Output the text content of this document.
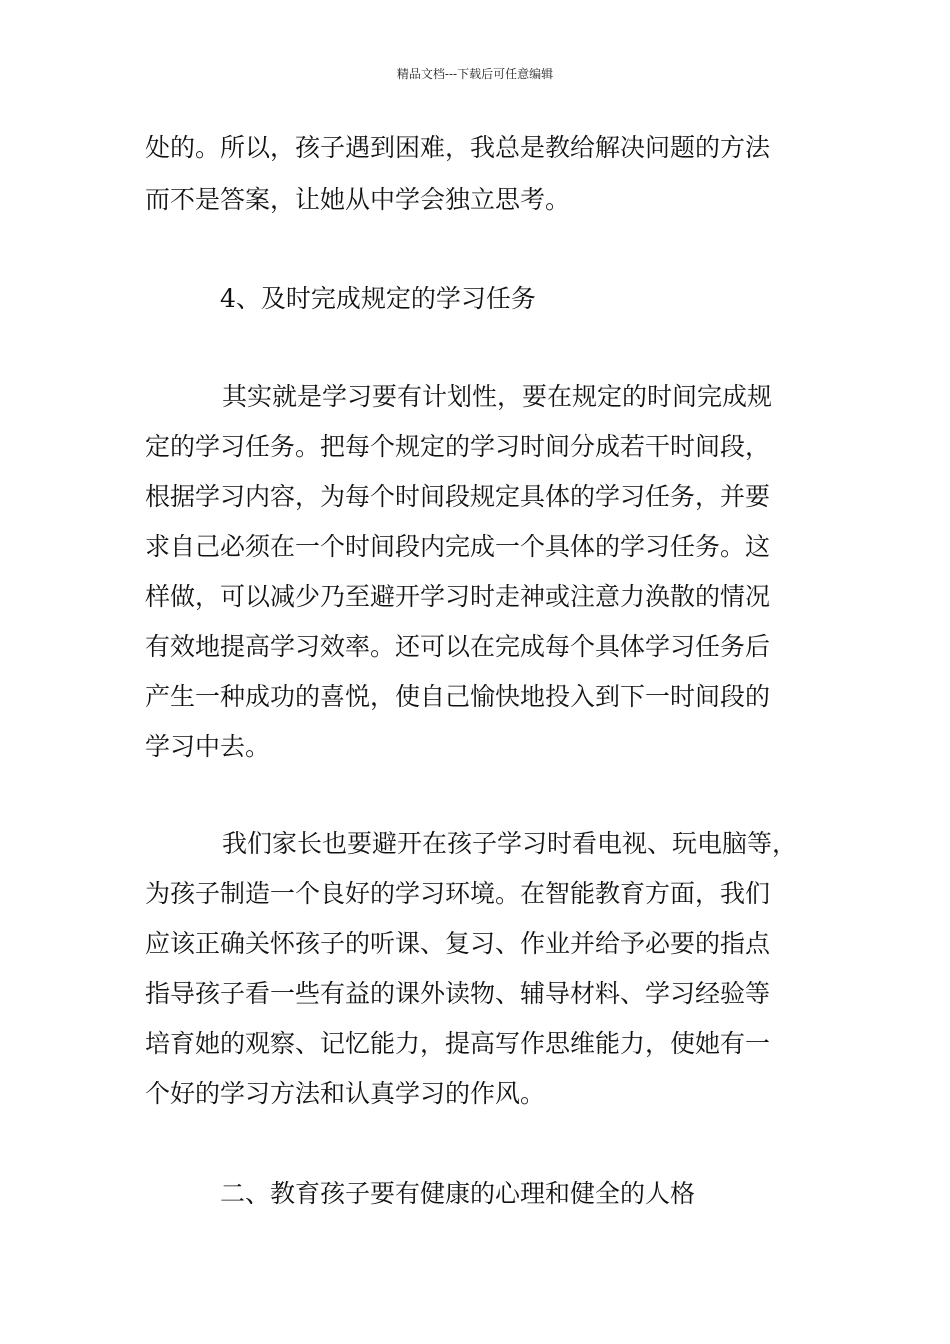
精品文档---下载后可任意编辑
处的。所以，孩子遇到困难，我总是教给解决问题的方法
而不是答案，让她从中学会独立思考。
4、及时完成规定的学习任务
其实就是学习要有计划性，要在规定的时间完成规
定的学习任务。把每个规定的学习时间分成若干时间段，
根据学习内容，为每个时间段规定具体的学习任务，并要
求自己必须在一个时间段内完成一个具体的学习任务。这
样做，可以减少乃至避开学习时走神或注意力涣散的情况
有效地提高学习效率。还可以在完成每个具体学习任务后
产生一种成功的喜悦，使自己愉快地投入到下一时间段的
学习中去。
我们家长也要避开在孩子学习时看电视、玩电脑等，
为孩子制造一个良好的学习环境。在智能教育方面，我们
应该正确关怀孩子的听课、复习、作业并给予必要的指点
指导孩子看一些有益的课外读物、辅导材料、学习经验等
培育她的观察、记忆能力，提高写作思维能力，使她有一
个好的学习方法和认真学习的作风。
二、教育孩子要有健康的心理和健全的人格
